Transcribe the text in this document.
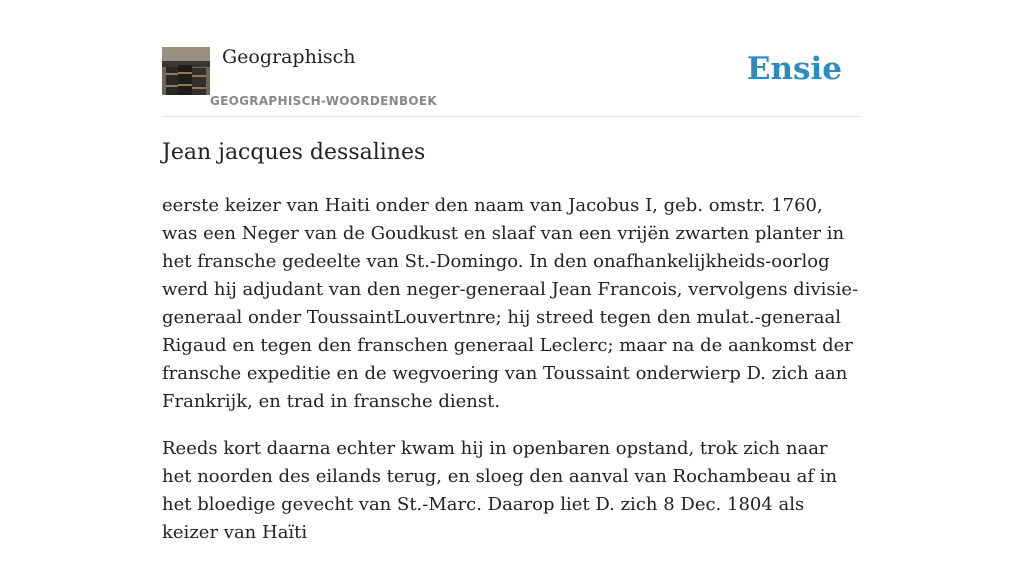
Geographisch
GEOGRAPHISCH-WOORDENBOEK
Ensie
Jean jacques dessalines

eerste keizer van Haiti onder den naam van Jacobus I, geb. omstr. 1760, was een Neger van de Goudkust en slaaf van een vrijën zwarten planter in het fransche gedeelte van St.-Domingo. In den onafhankelijkheids-oorlog werd hij adjudant van den neger-generaal Jean Francois, vervolgens divisie-generaal onder ToussaintLouvertnre; hij streed tegen den mulat.-generaal Rigaud en tegen den franschen generaal Leclerc; maar na de aankomst der fransche expeditie en de wegvoering van Toussaint onderwierp D. zich aan Frankrijk, en trad in fransche dienst.

Reeds kort daarna echter kwam hij in openbaren opstand, trok zich naar het noorden des eilands terug, en sloeg den aanval van Rochambeau af in het bloedige gevecht van St.-Marc. Daarop liet D. zich 8 Dec. 1804 als keizer van Haïti
